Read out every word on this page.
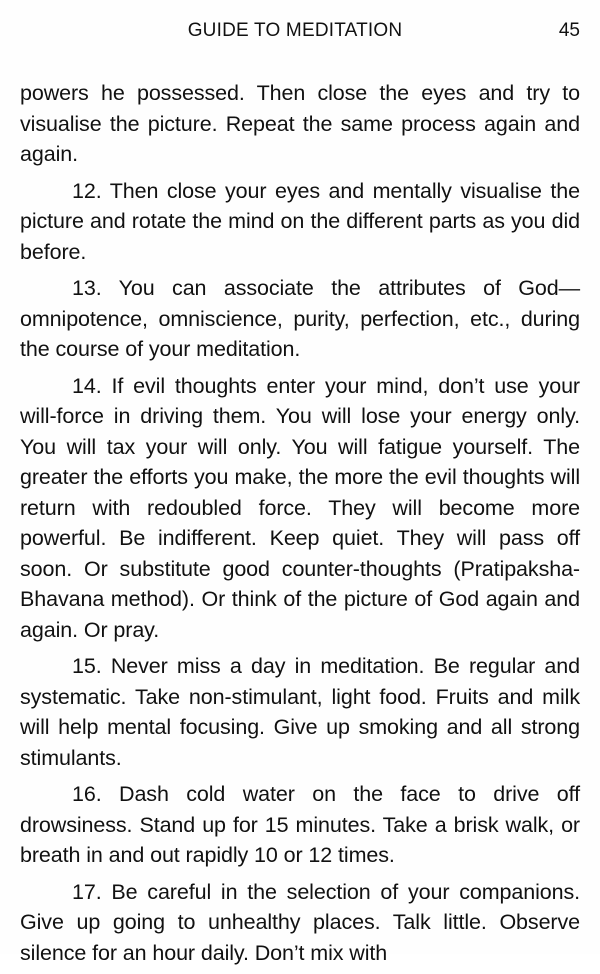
GUIDE TO MEDITATION	45

powers he possessed. Then close the eyes and try to visualise the picture. Repeat the same process again and again.

12. Then close your eyes and mentally visualise the picture and rotate the mind on the different parts as you did before.

13. You can associate the attributes of God— omnipotence, omniscience, purity, perfection, etc., during the course of your meditation.

14. If evil thoughts enter your mind, don’t use your will-force in driving them. You will lose your energy only. You will tax your will only. You will fatigue yourself. The greater the efforts you make, the more the evil thoughts will return with redoubled force. They will become more powerful. Be indifferent. Keep quiet. They will pass off soon. Or substitute good counter-thoughts (Pratipaksha-Bhavana method). Or think of the picture of God again and again. Or pray.

15. Never miss a day in meditation. Be regular and systematic. Take non-stimulant, light food. Fruits and milk will help mental focusing. Give up smoking and all strong stimulants.

16. Dash cold water on the face to drive off drowsiness. Stand up for 15 minutes. Take a brisk walk, or breath in and out rapidly 10 or 12 times.

17. Be careful in the selection of your companions. Give up going to unhealthy places. Talk little. Observe silence for an hour daily. Don’t mix with
